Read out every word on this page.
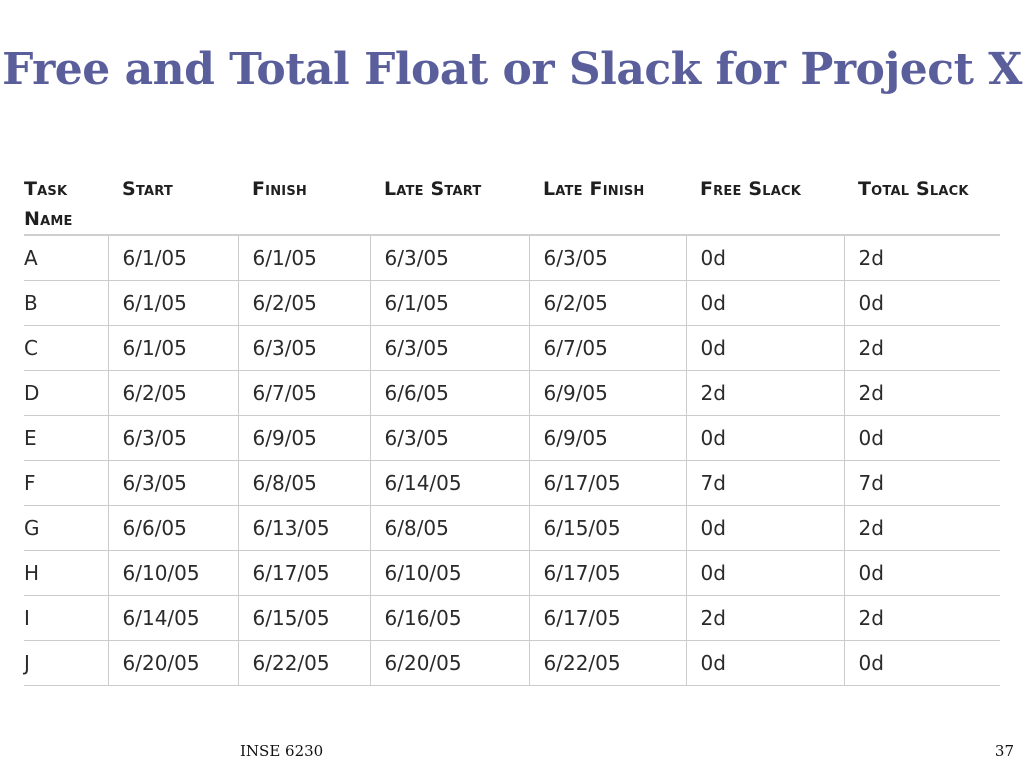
Free and Total Float or Slack for Project X
Task Name	Start	Finish	Late Start	Late Finish	Free Slack	Total Slack
A	6/1/05	6/1/05	6/3/05	6/3/05	0d	2d
B	6/1/05	6/2/05	6/1/05	6/2/05	0d	0d
C	6/1/05	6/3/05	6/3/05	6/7/05	0d	2d
D	6/2/05	6/7/05	6/6/05	6/9/05	2d	2d
E	6/3/05	6/9/05	6/3/05	6/9/05	0d	0d
F	6/3/05	6/8/05	6/14/05	6/17/05	7d	7d
G	6/6/05	6/13/05	6/8/05	6/15/05	0d	2d
H	6/10/05	6/17/05	6/10/05	6/17/05	0d	0d
I	6/14/05	6/15/05	6/16/05	6/17/05	2d	2d
J	6/20/05	6/22/05	6/20/05	6/22/05	0d	0d
INSE 6230	37
